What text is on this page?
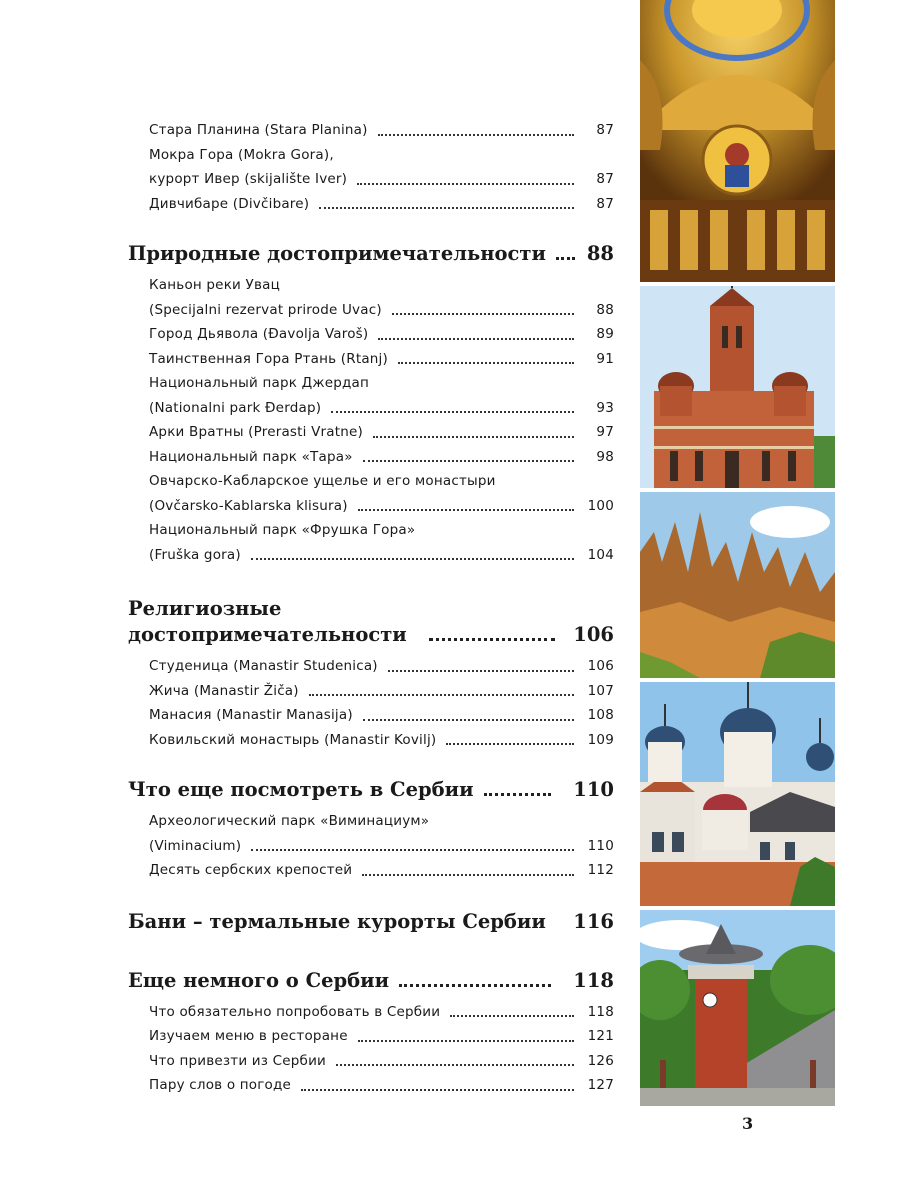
Стара Планина (Stara Planina)	87
Мокра Гора (Mokra Gora),
курорт Ивер (skijalište Iver)	87
Дивчибаре (Divčibare)	87
Природные достопримечательности 88
Каньон реки Увац
(Specijalni rezervat prirode Uvac)	88
Город Дьявола (Đavolja Varoš)	89
Таинственная Гора Ртань (Rtanj)	91
Национальный парк Джердап
(Nationalni park Đerdap)	93
Арки Вратны (Prerasti Vratne)	97
Национальный парк «Тара»	98
Овчарско-Кабларское ущелье и его монастыри
(Ovčarsko-Kablarska klisura)	100
Национальный парк «Фрушка Гора»
(Fruška gora)	104
Религиозные
достопримечательности	106
Студеница (Manastir Studenica)	106
Жича (Manastir Žiča)	107
Манасия (Manastir Manasija)	108
Ковильский монастырь (Manastir Kovilj)	109
Что еще посмотреть в Сербии	110
Археологический парк «Виминациум»
(Viminacium)	110
Десять сербских крепостей	112
Бани – термальные курорты Сербии 116
Еще немного о Сербии	118
Что обязательно попробовать в Сербии	118
Изучаем меню в ресторане	121
Что привезти из Сербии	126
Пару слов о погоде	127
3
